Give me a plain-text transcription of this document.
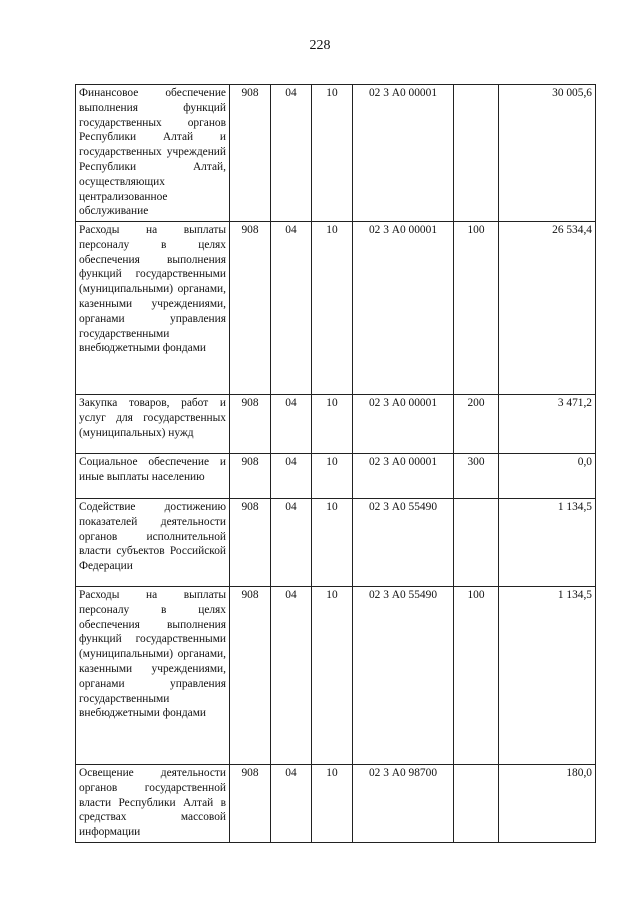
228
Финансовое обеспечение выполнения функций государственных органов Республики Алтай и государственных учреждений Республики Алтай, осуществляющих централизованное обслуживание	908	04	10	02 3 А0 00001		30 005,6
Расходы на выплаты персоналу в целях обеспечения выполнения функций государственными (муниципальными) органами, казенными учреждениями, органами управления государственными внебюджетными фондами	908	04	10	02 3 А0 00001	100	26 534,4
Закупка товаров, работ и услуг для государственных (муниципальных) нужд	908	04	10	02 3 А0 00001	200	3 471,2
Социальное обеспечение и иные выплаты населению	908	04	10	02 3 А0 00001	300	0,0
Содействие достижению показателей деятельности органов исполнительной власти субъектов Российской Федерации	908	04	10	02 3 А0 55490		1 134,5
Расходы на выплаты персоналу в целях обеспечения выполнения функций государственными (муниципальными) органами, казенными учреждениями, органами управления государственными внебюджетными фондами	908	04	10	02 3 А0 55490	100	1 134,5
Освещение деятельности органов государственной власти Республики Алтай в средствах массовой информации	908	04	10	02 3 А0 98700		180,0
